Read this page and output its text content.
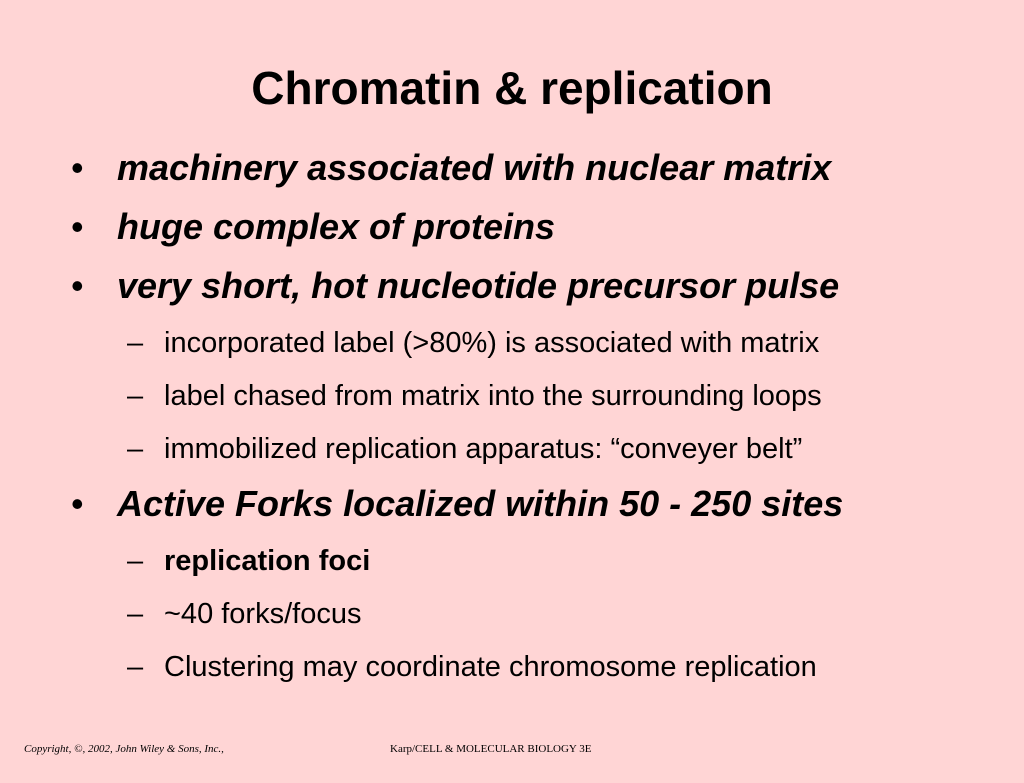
Chromatin & replication
• machinery associated with nuclear matrix
• huge complex of proteins
• very short, hot nucleotide precursor pulse
– incorporated label (>80%) is associated with matrix
– label chased from matrix into the surrounding loops
– immobilized replication apparatus: “conveyer belt”
• Active Forks localized within 50 - 250 sites
– replication foci
– ~40 forks/focus
– Clustering may coordinate chromosome replication
Copyright, ©, 2002, John Wiley & Sons, Inc.,	Karp/CELL & MOLECULAR BIOLOGY 3E
